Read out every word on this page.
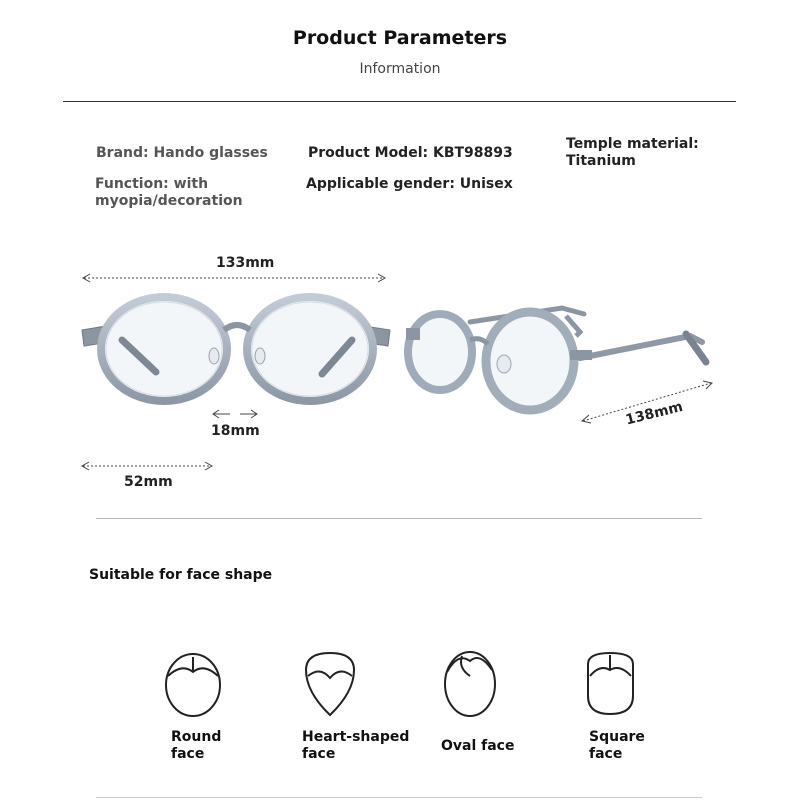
Product Parameters
Information
Brand: Hando glasses
Function: with
myopia/decoration
Product Model: KBT98893
Applicable gender: Unisex
Temple material:
Titanium
133mm
18mm
52mm
138mm
Suitable for face shape
Round
face
Heart-shaped
face	Oval face
Square
face
